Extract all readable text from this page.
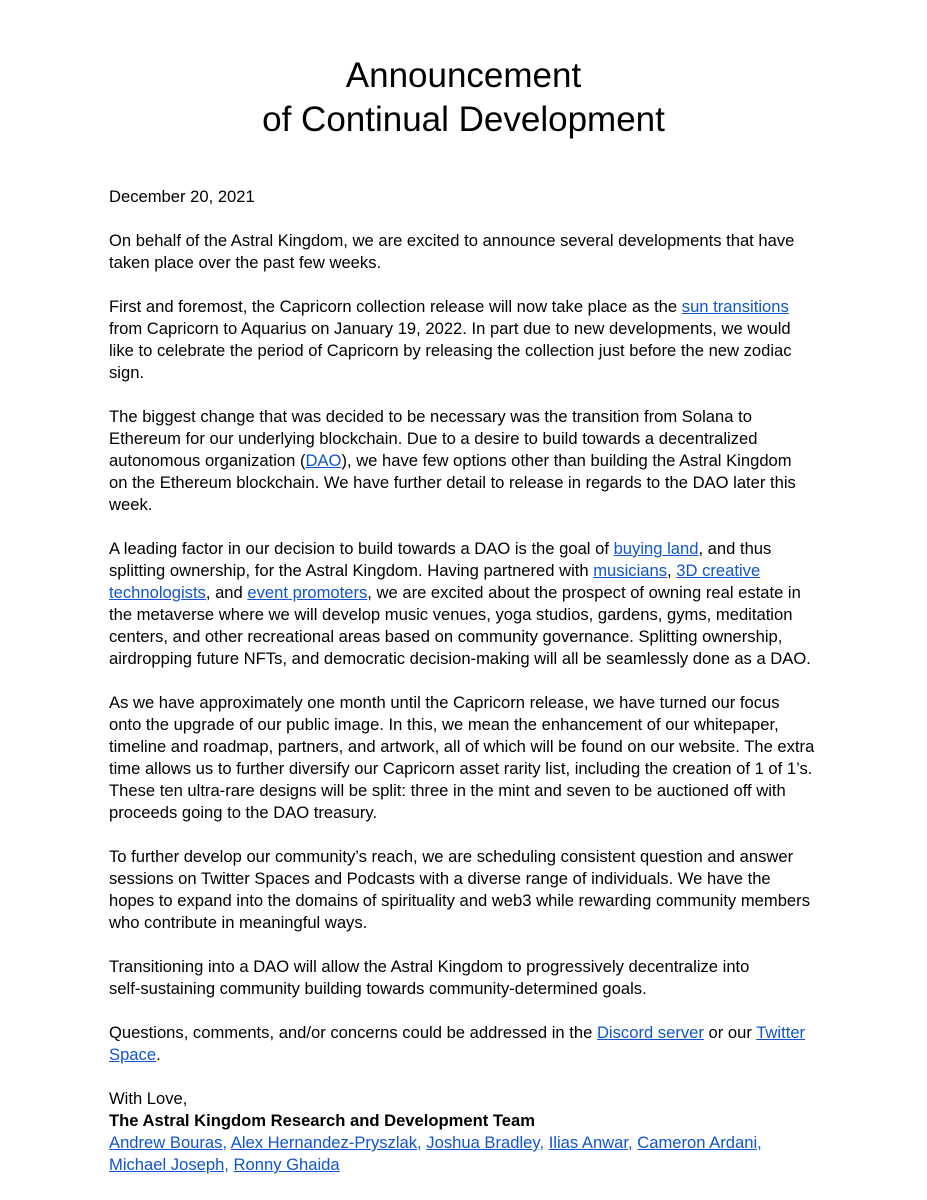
Announcement
of Continual Development

December 20, 2021

On behalf of the Astral Kingdom, we are excited to announce several developments that have
taken place over the past few weeks.

First and foremost, the Capricorn collection release will now take place as the sun transitions
from Capricorn to Aquarius on January 19, 2022. In part due to new developments, we would
like to celebrate the period of Capricorn by releasing the collection just before the new zodiac
sign.

The biggest change that was decided to be necessary was the transition from Solana to
Ethereum for our underlying blockchain. Due to a desire to build towards a decentralized
autonomous organization (DAO), we have few options other than building the Astral Kingdom
on the Ethereum blockchain. We have further detail to release in regards to the DAO later this
week.

A leading factor in our decision to build towards a DAO is the goal of buying land, and thus
splitting ownership, for the Astral Kingdom. Having partnered with musicians, 3D creative
technologists, and event promoters, we are excited about the prospect of owning real estate in
the metaverse where we will develop music venues, yoga studios, gardens, gyms, meditation
centers, and other recreational areas based on community governance. Splitting ownership,
airdropping future NFTs, and democratic decision-making will all be seamlessly done as a DAO.

As we have approximately one month until the Capricorn release, we have turned our focus
onto the upgrade of our public image. In this, we mean the enhancement of our whitepaper,
timeline and roadmap, partners, and artwork, all of which will be found on our website. The extra
time allows us to further diversify our Capricorn asset rarity list, including the creation of 1 of 1’s.
These ten ultra-rare designs will be split: three in the mint and seven to be auctioned off with
proceeds going to the DAO treasury.

To further develop our community’s reach, we are scheduling consistent question and answer
sessions on Twitter Spaces and Podcasts with a diverse range of individuals. We have the
hopes to expand into the domains of spirituality and web3 while rewarding community members
who contribute in meaningful ways.

Transitioning into a DAO will allow the Astral Kingdom to progressively decentralize into
self-sustaining community building towards community-determined goals.

Questions, comments, and/or concerns could be addressed in the Discord server or our Twitter
Space.

With Love,
The Astral Kingdom Research and Development Team
Andrew Bouras, Alex Hernandez-Pryszlak, Joshua Bradley, Ilias Anwar, Cameron Ardani,
Michael Joseph, Ronny Ghaida
